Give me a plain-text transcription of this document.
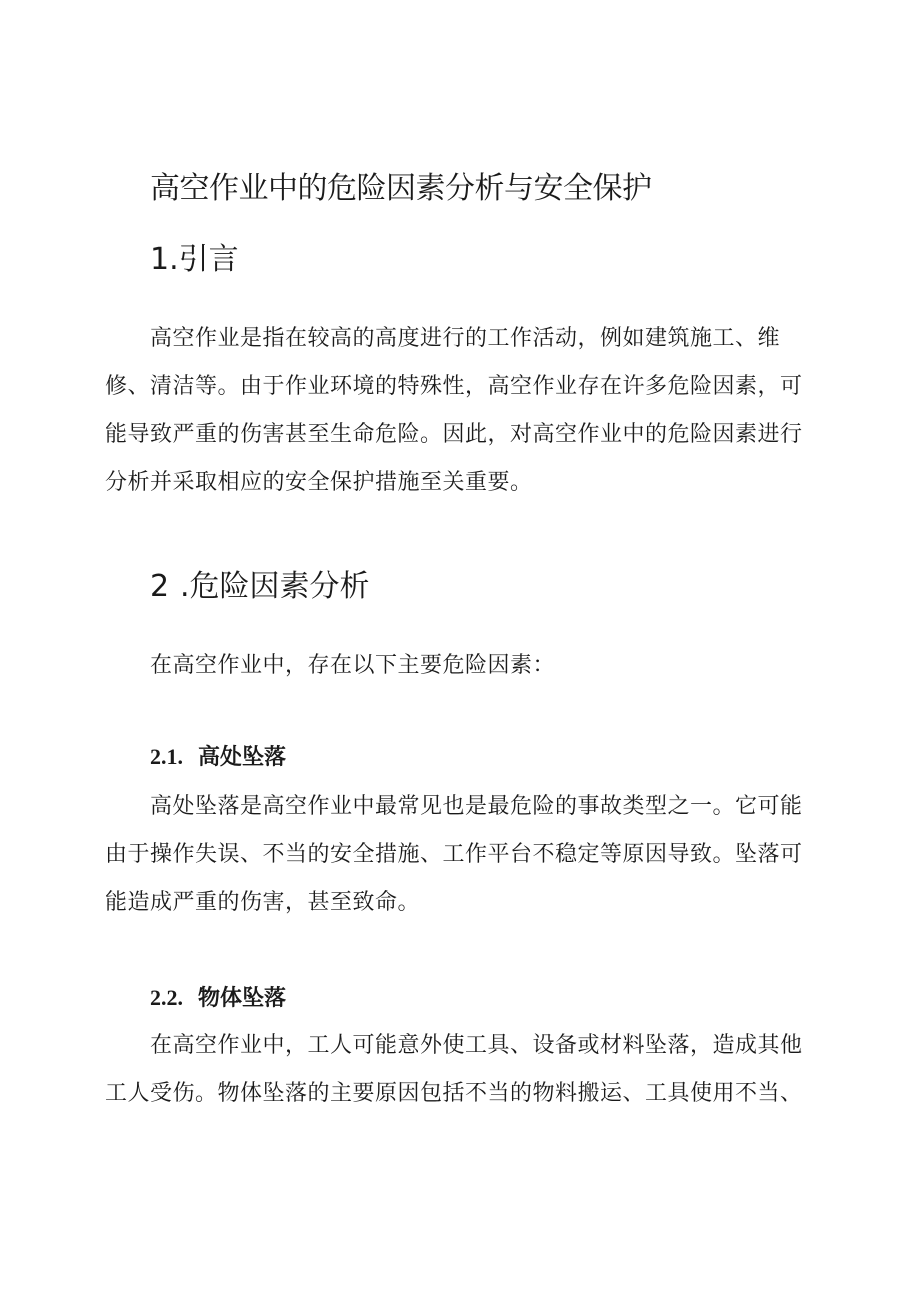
高空作业中的危险因素分析与安全保护
1.引言

高空作业是指在较高的高度进行的工作活动，例如建筑施工、维修、清洁等。由于作业环境的特殊性，高空作业存在许多危险因素，可能导致严重的伤害甚至生命危险。因此，对高空作业中的危险因素进行分析并采取相应的安全保护措施至关重要。

2 .危险因素分析

在高空作业中，存在以下主要危险因素：

2.1. 高处坠落

高处坠落是高空作业中最常见也是最危险的事故类型之一。它可能由于操作失误、不当的安全措施、工作平台不稳定等原因导致。坠落可能造成严重的伤害，甚至致命。

2.2. 物体坠落

在高空作业中，工人可能意外使工具、设备或材料坠落，造成其他工人受伤。物体坠落的主要原因包括不当的物料搬运、工具使用不当、
